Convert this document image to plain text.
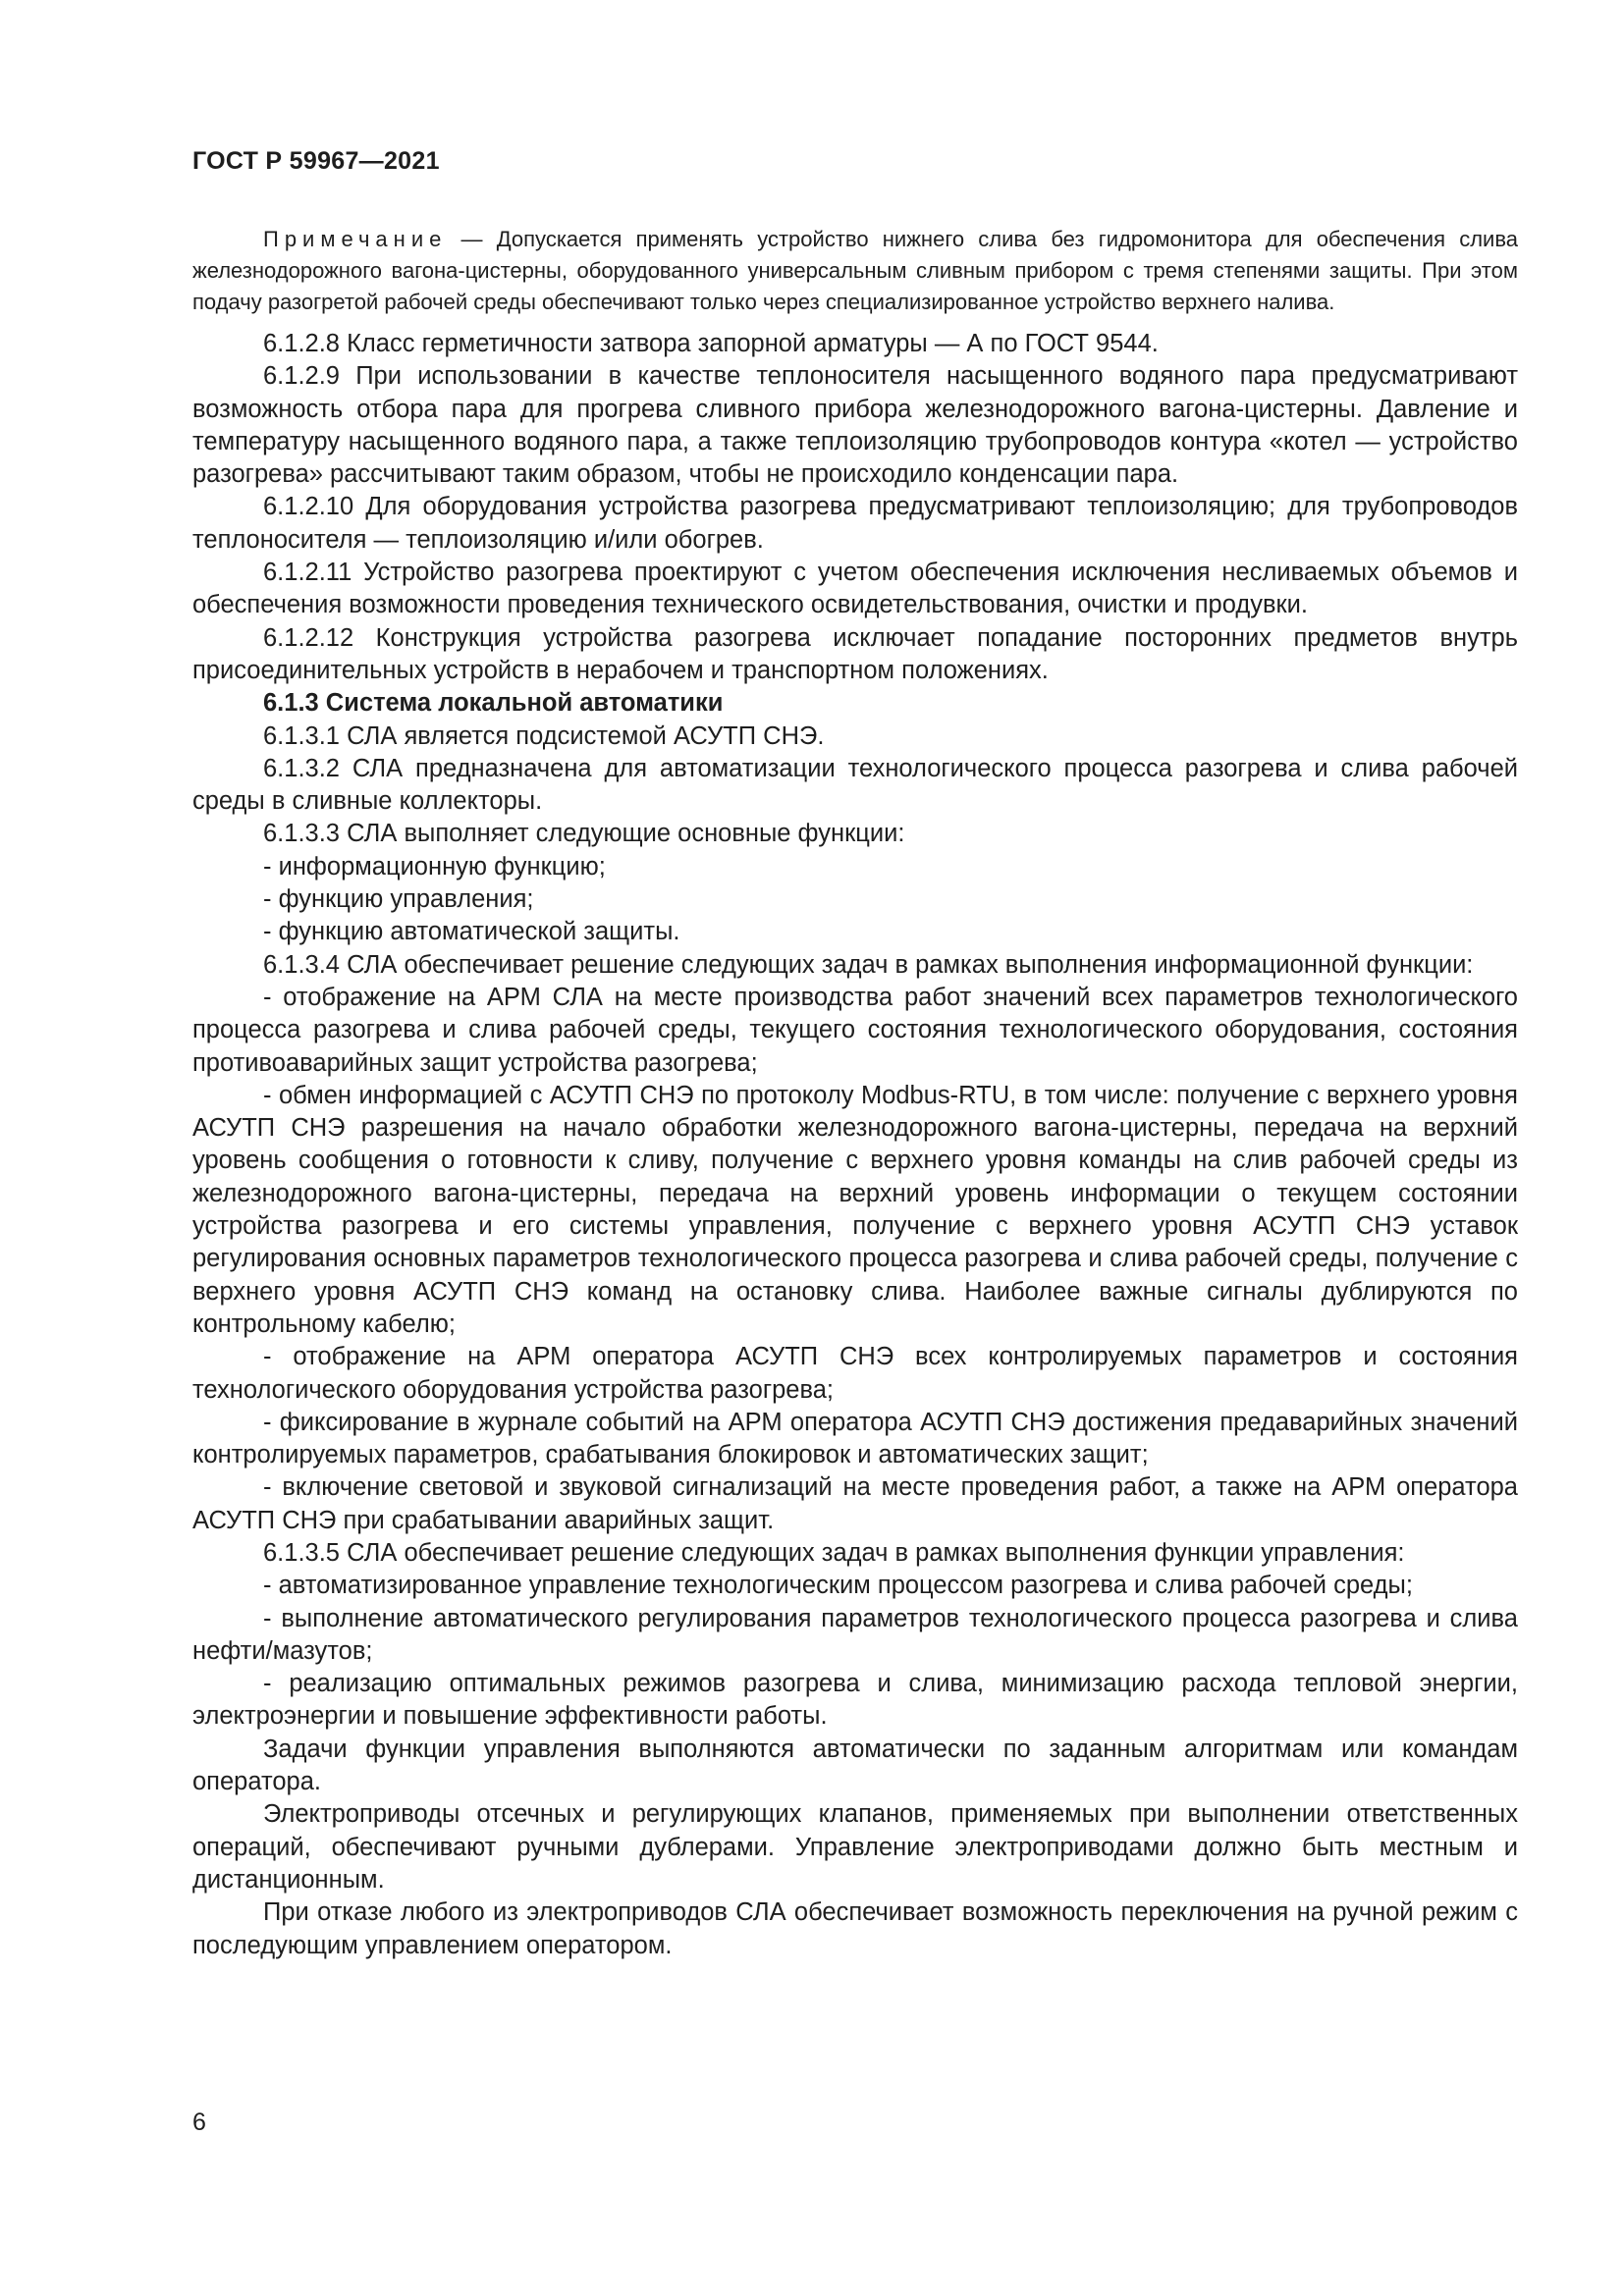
ГОСТ Р 59967—2021

Примечание — Допускается применять устройство нижнего слива без гидромонитора для обеспечения слива железнодорожного вагона-цистерны, оборудованного универсальным сливным прибором с тремя степенями защиты. При этом подачу разогретой рабочей среды обеспечивают только через специализированное устройство верхнего налива.

6.1.2.8 Класс герметичности затвора запорной арматуры — А по ГОСТ 9544.

6.1.2.9 При использовании в качестве теплоносителя насыщенного водяного пара предусматривают возможность отбора пара для прогрева сливного прибора железнодорожного вагона-цистерны. Давление и температуру насыщенного водяного пара, а также теплоизоляцию трубопроводов контура «котел — устройство разогрева» рассчитывают таким образом, чтобы не происходило конденсации пара.

6.1.2.10 Для оборудования устройства разогрева предусматривают теплоизоляцию; для трубопроводов теплоносителя — теплоизоляцию и/или обогрев.

6.1.2.11 Устройство разогрева проектируют с учетом обеспечения исключения несливаемых объемов и обеспечения возможности проведения технического освидетельствования, очистки и продувки.

6.1.2.12 Конструкция устройства разогрева исключает попадание посторонних предметов внутрь присоединительных устройств в нерабочем и транспортном положениях.

6.1.3 Система локальной автоматики

6.1.3.1 СЛА является подсистемой АСУТП СНЭ.

6.1.3.2 СЛА предназначена для автоматизации технологического процесса разогрева и слива рабочей среды в сливные коллекторы.

6.1.3.3 СЛА выполняет следующие основные функции:

- информационную функцию;

- функцию управления;

- функцию автоматической защиты.

6.1.3.4 СЛА обеспечивает решение следующих задач в рамках выполнения информационной функции:

- отображение на АРМ СЛА на месте производства работ значений всех параметров технологического процесса разогрева и слива рабочей среды, текущего состояния технологического оборудования, состояния противоаварийных защит устройства разогрева;

- обмен информацией с АСУТП СНЭ по протоколу Modbus-RTU, в том числе: получение с верхнего уровня АСУТП СНЭ разрешения на начало обработки железнодорожного вагона-цистерны, передача на верхний уровень сообщения о готовности к сливу, получение с верхнего уровня команды на слив рабочей среды из железнодорожного вагона-цистерны, передача на верхний уровень информации о текущем состоянии устройства разогрева и его системы управления, получение с верхнего уровня АСУТП СНЭ уставок регулирования основных параметров технологического процесса разогрева и слива рабочей среды, получение с верхнего уровня АСУТП СНЭ команд на остановку слива. Наиболее важные сигналы дублируются по контрольному кабелю;

- отображение на АРМ оператора АСУТП СНЭ всех контролируемых параметров и состояния технологического оборудования устройства разогрева;

- фиксирование в журнале событий на АРМ оператора АСУТП СНЭ достижения предаварийных значений контролируемых параметров, срабатывания блокировок и автоматических защит;

- включение световой и звуковой сигнализаций на месте проведения работ, а также на АРМ оператора АСУТП СНЭ при срабатывании аварийных защит.

6.1.3.5 СЛА обеспечивает решение следующих задач в рамках выполнения функции управления:

- автоматизированное управление технологическим процессом разогрева и слива рабочей среды;

- выполнение автоматического регулирования параметров технологического процесса разогрева и слива нефти/мазутов;

- реализацию оптимальных режимов разогрева и слива, минимизацию расхода тепловой энергии, электроэнергии и повышение эффективности работы.

Задачи функции управления выполняются автоматически по заданным алгоритмам или командам оператора.

Электроприводы отсечных и регулирующих клапанов, применяемых при выполнении ответственных операций, обеспечивают ручными дублерами. Управление электроприводами должно быть местным и дистанционным.

При отказе любого из электроприводов СЛА обеспечивает возможность переключения на ручной режим с последующим управлением оператором.

6
